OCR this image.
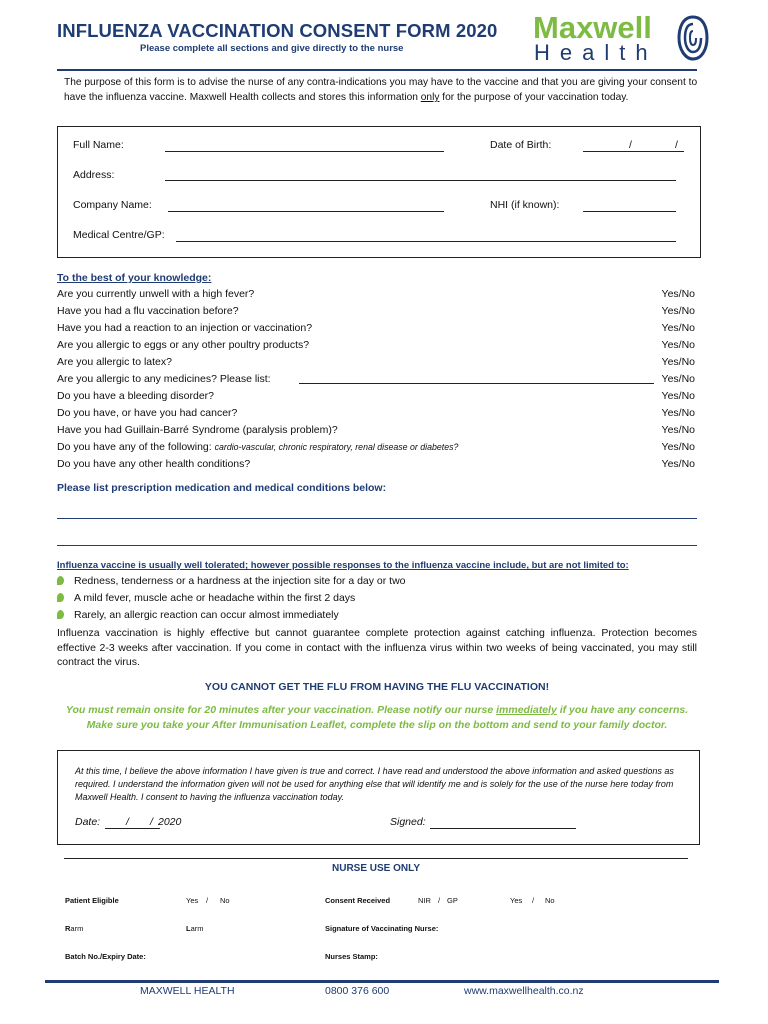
INFLUENZA VACCINATION CONSENT FORM 2020
Please complete all sections and give directly to the nurse
Maxwell
Health
The purpose of this form is to advise the nurse of any contra-indications you may have to the vaccine and that you are giving your consent to have the influenza vaccine. Maxwell Health collects and stores this information only for the purpose of your vaccination today.
Full Name:	Date of Birth:	/	/
Address:
Company Name:	NHI (if known):
Medical Centre/GP:
To the best of your knowledge:
Are you currently unwell with a high fever?	Yes/No
Have you had a flu vaccination before?	Yes/No
Have you had a reaction to an injection or vaccination?	Yes/No
Are you allergic to eggs or any other poultry products?	Yes/No
Are you allergic to latex?	Yes/No
Are you allergic to any medicines? Please list:	Yes/No
Do you have a bleeding disorder?	Yes/No
Do you have, or have you had cancer?	Yes/No
Have you had Guillain-Barré Syndrome (paralysis problem)?	Yes/No
Do you have any of the following: cardio-vascular, chronic respiratory, renal disease or diabetes?	Yes/No
Do you have any other health conditions?	Yes/No
Please list prescription medication and medical conditions below:
Influenza vaccine is usually well tolerated; however possible responses to the influenza vaccine include, but are not limited to:
Redness, tenderness or a hardness at the injection site for a day or two
A mild fever, muscle ache or headache within the first 2 days
Rarely, an allergic reaction can occur almost immediately
Influenza vaccination is highly effective but cannot guarantee complete protection against catching influenza. Protection becomes effective 2-3 weeks after vaccination. If you come in contact with the influenza virus within two weeks of being vaccinated, you may still contract the virus.
YOU CANNOT GET THE FLU FROM HAVING THE FLU VACCINATION!
You must remain onsite for 20 minutes after your vaccination. Please notify our nurse immediately if you have any concerns. Make sure you take your After Immunisation Leaflet, complete the slip on the bottom and send to your family doctor.
At this time, I believe the above information I have given is true and correct. I have read and understood the above information and asked questions as required. I understand the information given will not be used for anything else that will identify me and is solely for the use of the nurse here today from Maxwell Health. I consent to having the influenza vaccination today.
Date: / / 2020	Signed:
NURSE USE ONLY
Patient Eligible	Yes / No	Consent Received	NIR / GP	Yes / No
Rarm	Larm	Signature of Vaccinating Nurse:
Batch No./Expiry Date:	Nurses Stamp:
MAXWELL HEALTH	0800 376 600	www.maxwellhealth.co.nz
